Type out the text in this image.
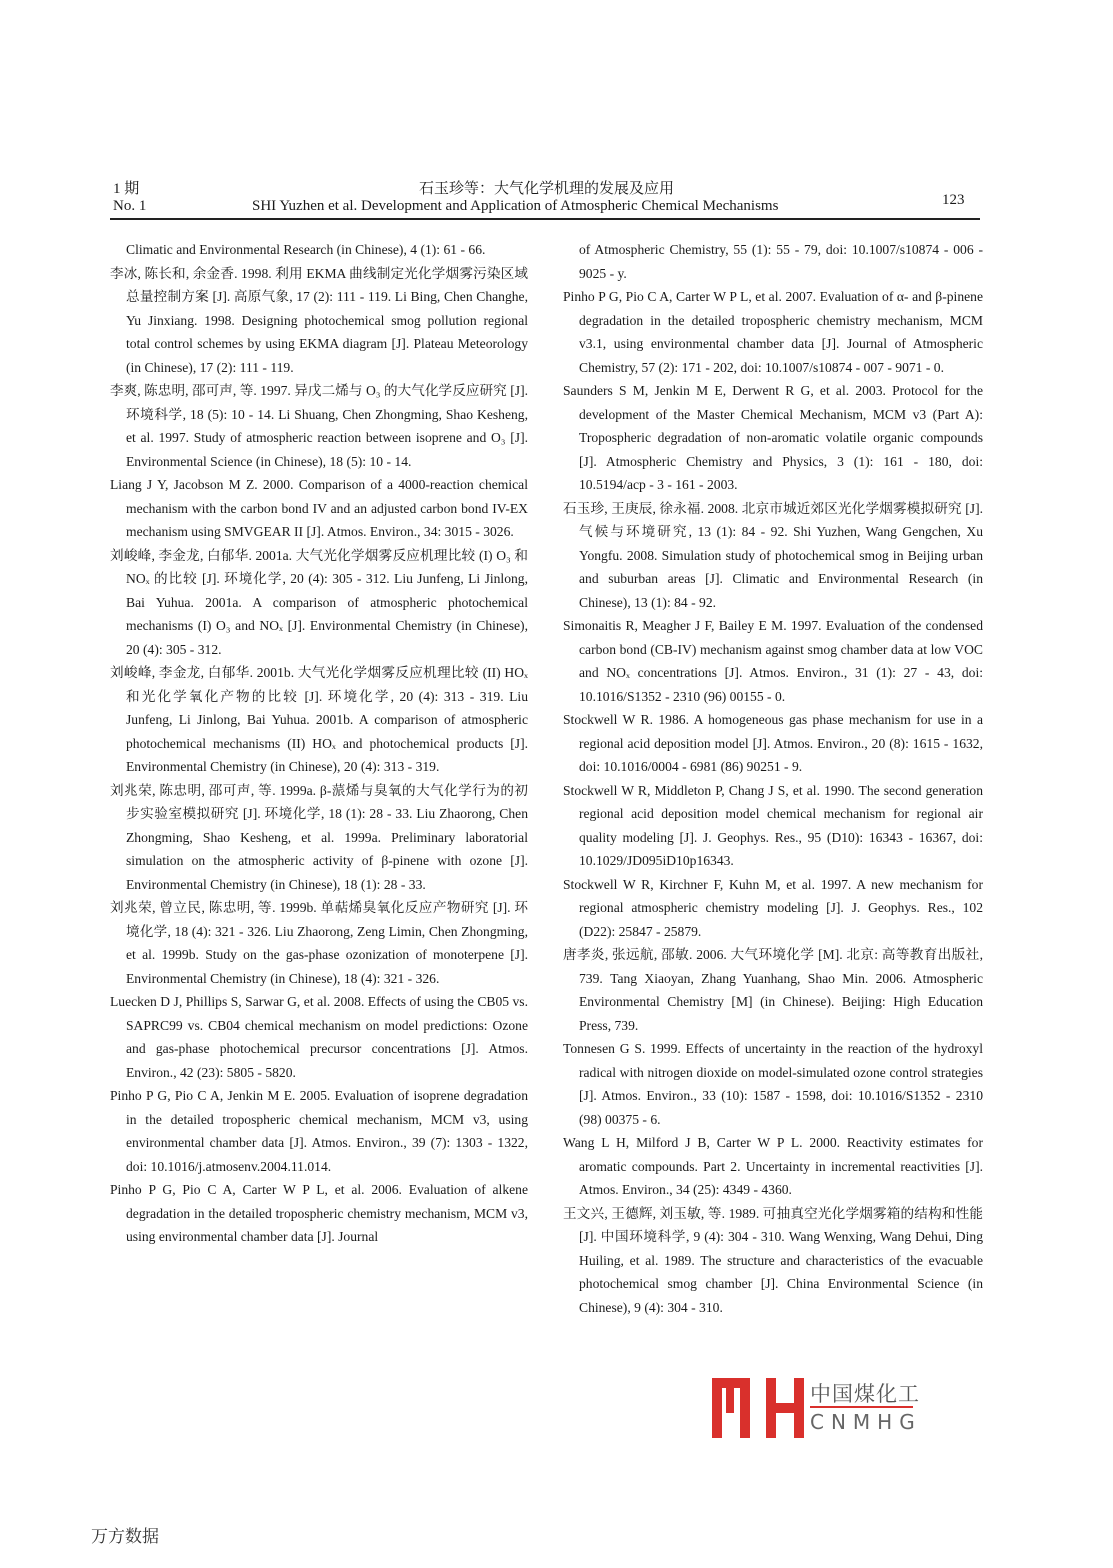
1 期
No. 1
石玉珍等：大气化学机理的发展及应用
SHI Yuzhen et al. Development and Application of Atmospheric Chemical Mechanisms	123

Climatic and Environmental Research (in Chinese), 4 (1): 61 - 66.

李冰, 陈长和, 余金香. 1998. 利用 EKMA 曲线制定光化学烟雾污染区域总量控制方案 [J]. 高原气象, 17 (2): 111 - 119. Li Bing, Chen Changhe, Yu Jinxiang. 1998. Designing photochemical smog pollution regional total control schemes by using EKMA diagram [J]. Plateau Meteorology (in Chinese), 17 (2): 111 - 119.

李爽, 陈忠明, 邵可声, 等. 1997. 异戊二烯与 O₃ 的大气化学反应研究 [J]. 环境科学, 18 (5): 10 - 14. Li Shuang, Chen Zhongming, Shao Kesheng, et al. 1997. Study of atmospheric reaction between isoprene and O₃ [J]. Environmental Science (in Chinese), 18 (5): 10 - 14.

Liang J Y, Jacobson M Z. 2000. Comparison of a 4000-reaction chemical mechanism with the carbon bond IV and an adjusted carbon bond IV-EX mechanism using SMVGEAR II [J]. Atmos. Environ., 34: 3015 - 3026.

刘峻峰, 李金龙, 白郁华. 2001a. 大气光化学烟雾反应机理比较 (I) O₃ 和 NOₓ 的比较 [J]. 环境化学, 20 (4): 305 - 312. Liu Junfeng, Li Jinlong, Bai Yuhua. 2001a. A comparison of atmospheric photochemical mechanisms (I) O₃ and NOₓ [J]. Environmental Chemistry (in Chinese), 20 (4): 305 - 312.

刘峻峰, 李金龙, 白郁华. 2001b. 大气光化学烟雾反应机理比较 (II) HOₓ 和光化学氧化产物的比较 [J]. 环境化学, 20 (4): 313 - 319. Liu Junfeng, Li Jinlong, Bai Yuhua. 2001b. A comparison of atmospheric photochemical mechanisms (II) HOₓ and photochemical products [J]. Environmental Chemistry (in Chinese), 20 (4): 313 - 319.

刘兆荣, 陈忠明, 邵可声, 等. 1999a. β-蒎烯与臭氧的大气化学行为的初步实验室模拟研究 [J]. 环境化学, 18 (1): 28 - 33. Liu Zhaorong, Chen Zhongming, Shao Kesheng, et al. 1999a. Preliminary laboratorial simulation on the atmospheric activity of β-pinene with ozone [J]. Environmental Chemistry (in Chinese), 18 (1): 28 - 33.

刘兆荣, 曾立民, 陈忠明, 等. 1999b. 单萜烯臭氧化反应产物研究 [J]. 环境化学, 18 (4): 321 - 326. Liu Zhaorong, Zeng Limin, Chen Zhongming, et al. 1999b. Study on the gas-phase ozonization of monoterpene [J]. Environmental Chemistry (in Chinese), 18 (4): 321 - 326.

Luecken D J, Phillips S, Sarwar G, et al. 2008. Effects of using the CB05 vs. SAPRC99 vs. CB04 chemical mechanism on model predictions: Ozone and gas-phase photochemical precursor concentrations [J]. Atmos. Environ., 42 (23): 5805 - 5820.

Pinho P G, Pio C A, Jenkin M E. 2005. Evaluation of isoprene degradation in the detailed tropospheric chemical mechanism, MCM v3, using environmental chamber data [J]. Atmos. Environ., 39 (7): 1303 - 1322, doi: 10.1016/j.atmosenv.2004.11.014.

Pinho P G, Pio C A, Carter W P L, et al. 2006. Evaluation of alkene degradation in the detailed tropospheric chemistry mechanism, MCM v3, using environmental chamber data [J]. Journal

of Atmospheric Chemistry, 55 (1): 55 - 79, doi: 10.1007/s10874 - 006 - 9025 - y.

Pinho P G, Pio C A, Carter W P L, et al. 2007. Evaluation of α- and β-pinene degradation in the detailed tropospheric chemistry mechanism, MCM v3.1, using environmental chamber data [J]. Journal of Atmospheric Chemistry, 57 (2): 171 - 202, doi: 10.1007/s10874 - 007 - 9071 - 0.

Saunders S M, Jenkin M E, Derwent R G, et al. 2003. Protocol for the development of the Master Chemical Mechanism, MCM v3 (Part A): Tropospheric degradation of non-aromatic volatile organic compounds [J]. Atmospheric Chemistry and Physics, 3 (1): 161 - 180, doi: 10.5194/acp - 3 - 161 - 2003.

石玉珍, 王庚辰, 徐永福. 2008. 北京市城近郊区光化学烟雾模拟研究 [J]. 气候与环境研究, 13 (1): 84 - 92. Shi Yuzhen, Wang Gengchen, Xu Yongfu. 2008. Simulation study of photochemical smog in Beijing urban and suburban areas [J]. Climatic and Environmental Research (in Chinese), 13 (1): 84 - 92.

Simonaitis R, Meagher J F, Bailey E M. 1997. Evaluation of the condensed carbon bond (CB-IV) mechanism against smog chamber data at low VOC and NOₓ concentrations [J]. Atmos. Environ., 31 (1): 27 - 43, doi: 10.1016/S1352 - 2310 (96) 00155 - 0.

Stockwell W R. 1986. A homogeneous gas phase mechanism for use in a regional acid deposition model [J]. Atmos. Environ., 20 (8): 1615 - 1632, doi: 10.1016/0004 - 6981 (86) 90251 - 9.

Stockwell W R, Middleton P, Chang J S, et al. 1990. The second generation regional acid deposition model chemical mechanism for regional air quality modeling [J]. J. Geophys. Res., 95 (D10): 16343 - 16367, doi: 10.1029/JD095iD10p16343.

Stockwell W R, Kirchner F, Kuhn M, et al. 1997. A new mechanism for regional atmospheric chemistry modeling [J]. J. Geophys. Res., 102 (D22): 25847 - 25879.

唐孝炎, 张远航, 邵敏. 2006. 大气环境化学 [M]. 北京: 高等教育出版社, 739. Tang Xiaoyan, Zhang Yuanhang, Shao Min. 2006. Atmospheric Environmental Chemistry [M] (in Chinese). Beijing: High Education Press, 739.

Tonnesen G S. 1999. Effects of uncertainty in the reaction of the hydroxyl radical with nitrogen dioxide on model-simulated ozone control strategies [J]. Atmos. Environ., 33 (10): 1587 - 1598, doi: 10.1016/S1352 - 2310 (98) 00375 - 6.

Wang L H, Milford J B, Carter W P L. 2000. Reactivity estimates for aromatic compounds. Part 2. Uncertainty in incremental reactivities [J]. Atmos. Environ., 34 (25): 4349 - 4360.

王文兴, 王德辉, 刘玉敏, 等. 1989. 可抽真空光化学烟雾箱的结构和性能 [J]. 中国环境科学, 9 (4): 304 - 310. Wang Wenxing, Wang Dehui, Ding Huiling, et al. 1989. The structure and characteristics of the evacuable photochemical smog chamber [J]. China Environmental Science (in Chinese), 9 (4): 304 - 310.

中国煤化工
CNMHG
万方数据
